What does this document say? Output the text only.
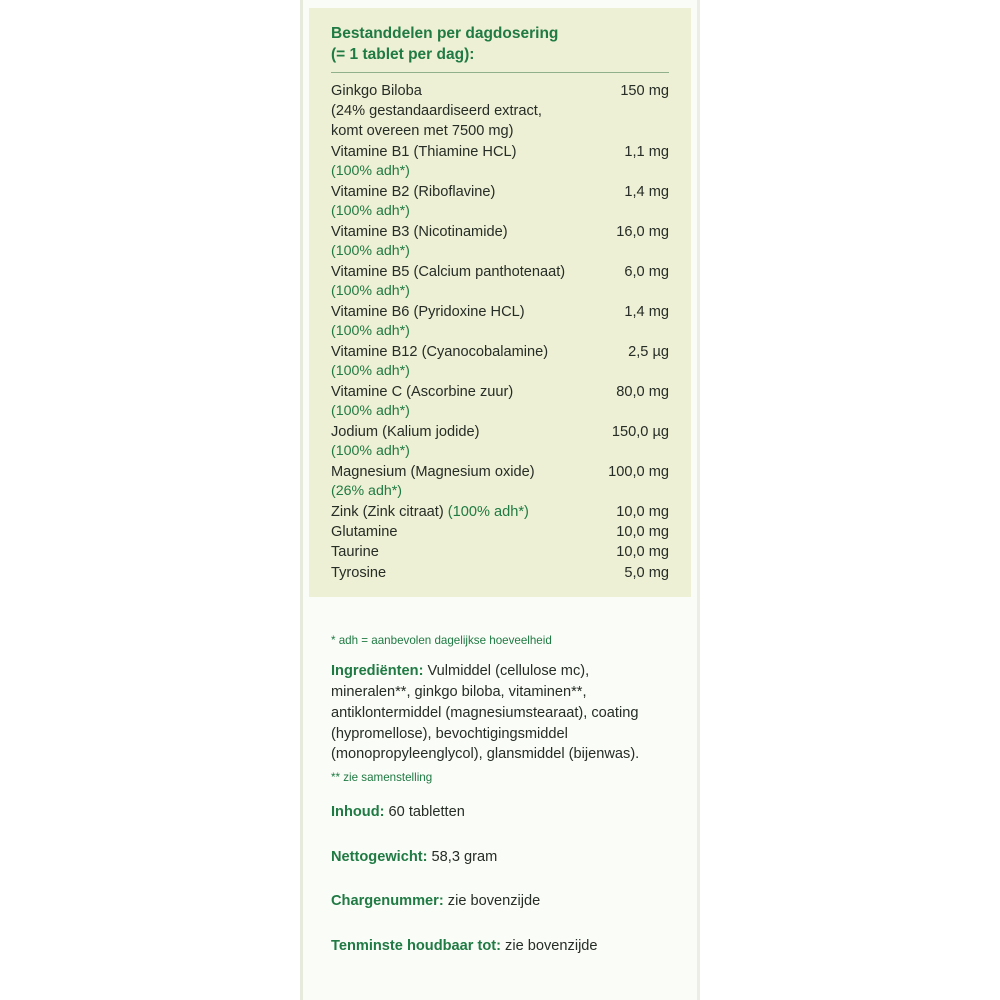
Bestanddelen per dagdosering
(= 1 tablet per dag):
Ginkgo Biloba	150 mg
(24% gestandaardiseerd extract,	
komt overeen met 7500 mg)	
Vitamine B1 (Thiamine HCL)	1,1 mg
(100% adh*)	
Vitamine B2 (Riboflavine)	1,4 mg
(100% adh*)	
Vitamine B3 (Nicotinamide)	16,0 mg
(100% adh*)	
Vitamine B5 (Calcium panthotenaat)	6,0 mg
(100% adh*)	
Vitamine B6 (Pyridoxine HCL)	1,4 mg
(100% adh*)	
Vitamine B12 (Cyanocobalamine)	2,5 µg
(100% adh*)	
Vitamine C (Ascorbine zuur)	80,0 mg
(100% adh*)	
Jodium (Kalium jodide)	150,0 µg
(100% adh*)	
Magnesium (Magnesium oxide)	100,0 mg
(26% adh*)	
Zink (Zink citraat) (100% adh*)	10,0 mg
Glutamine	10,0 mg
Taurine	10,0 mg
Tyrosine	5,0 mg
* adh = aanbevolen dagelijkse hoeveelheid
Ingrediënten: Vulmiddel (cellulose mc), mineralen**, ginkgo biloba, vitaminen**, antiklontermiddel (magnesiumstearaat), coating (hypromellose), bevochtigingsmiddel (monopropyleenglycol), glansmiddel (bijenwas).
** zie samenstelling
Inhoud: 60 tabletten
Nettogewicht: 58,3 gram
Chargenummer: zie bovenzijde
Tenminste houdbaar tot: zie bovenzijde
